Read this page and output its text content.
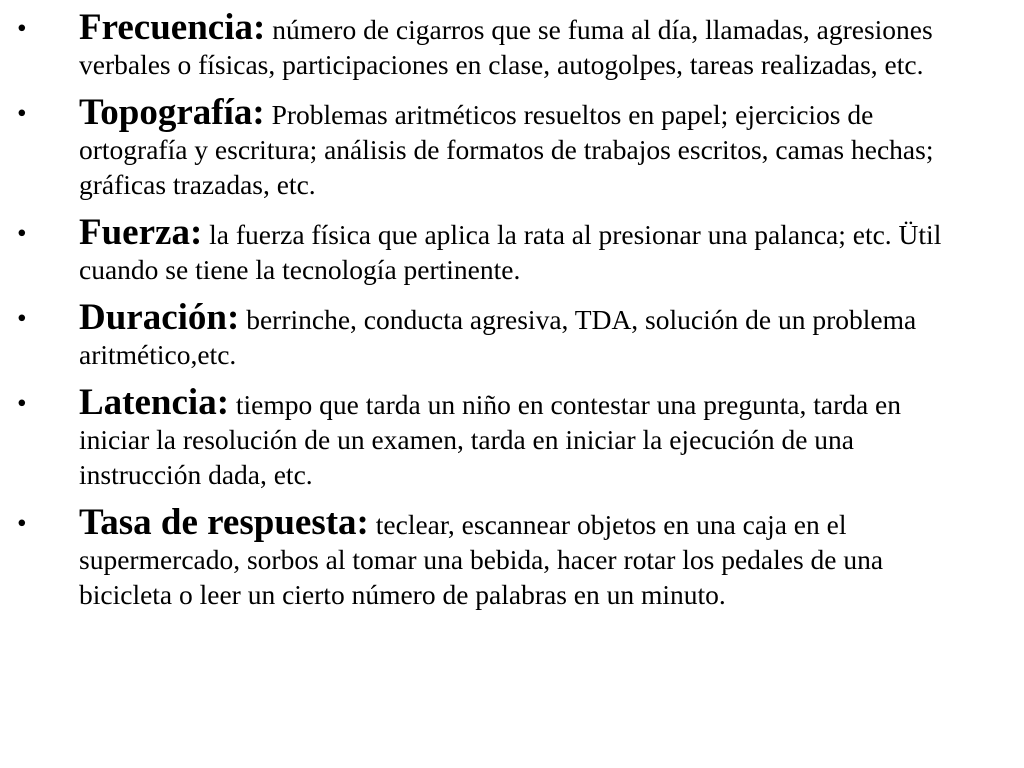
• Frecuencia: número de cigarros que se fuma al día, llamadas, agresiones verbales o físicas, participaciones en clase, autogolpes, tareas realizadas, etc.
• Topografía: Problemas aritméticos resueltos en papel; ejercicios de ortografía y escritura; análisis de formatos de trabajos escritos, camas hechas; gráficas trazadas, etc.
• Fuerza: la fuerza física que aplica la rata al presionar una palanca; etc. Ütil cuando se tiene la tecnología pertinente.
• Duración: berrinche, conducta agresiva, TDA, solución de un problema aritmético,etc.
• Latencia: tiempo que tarda un niño en contestar una pregunta, tarda en iniciar la resolución de un examen, tarda en iniciar la ejecución de una instrucción dada, etc.
• Tasa de respuesta: teclear, escannear objetos en una caja en el supermercado, sorbos al tomar una bebida, hacer rotar los pedales de una bicicleta o leer un cierto número de palabras en un minuto.
